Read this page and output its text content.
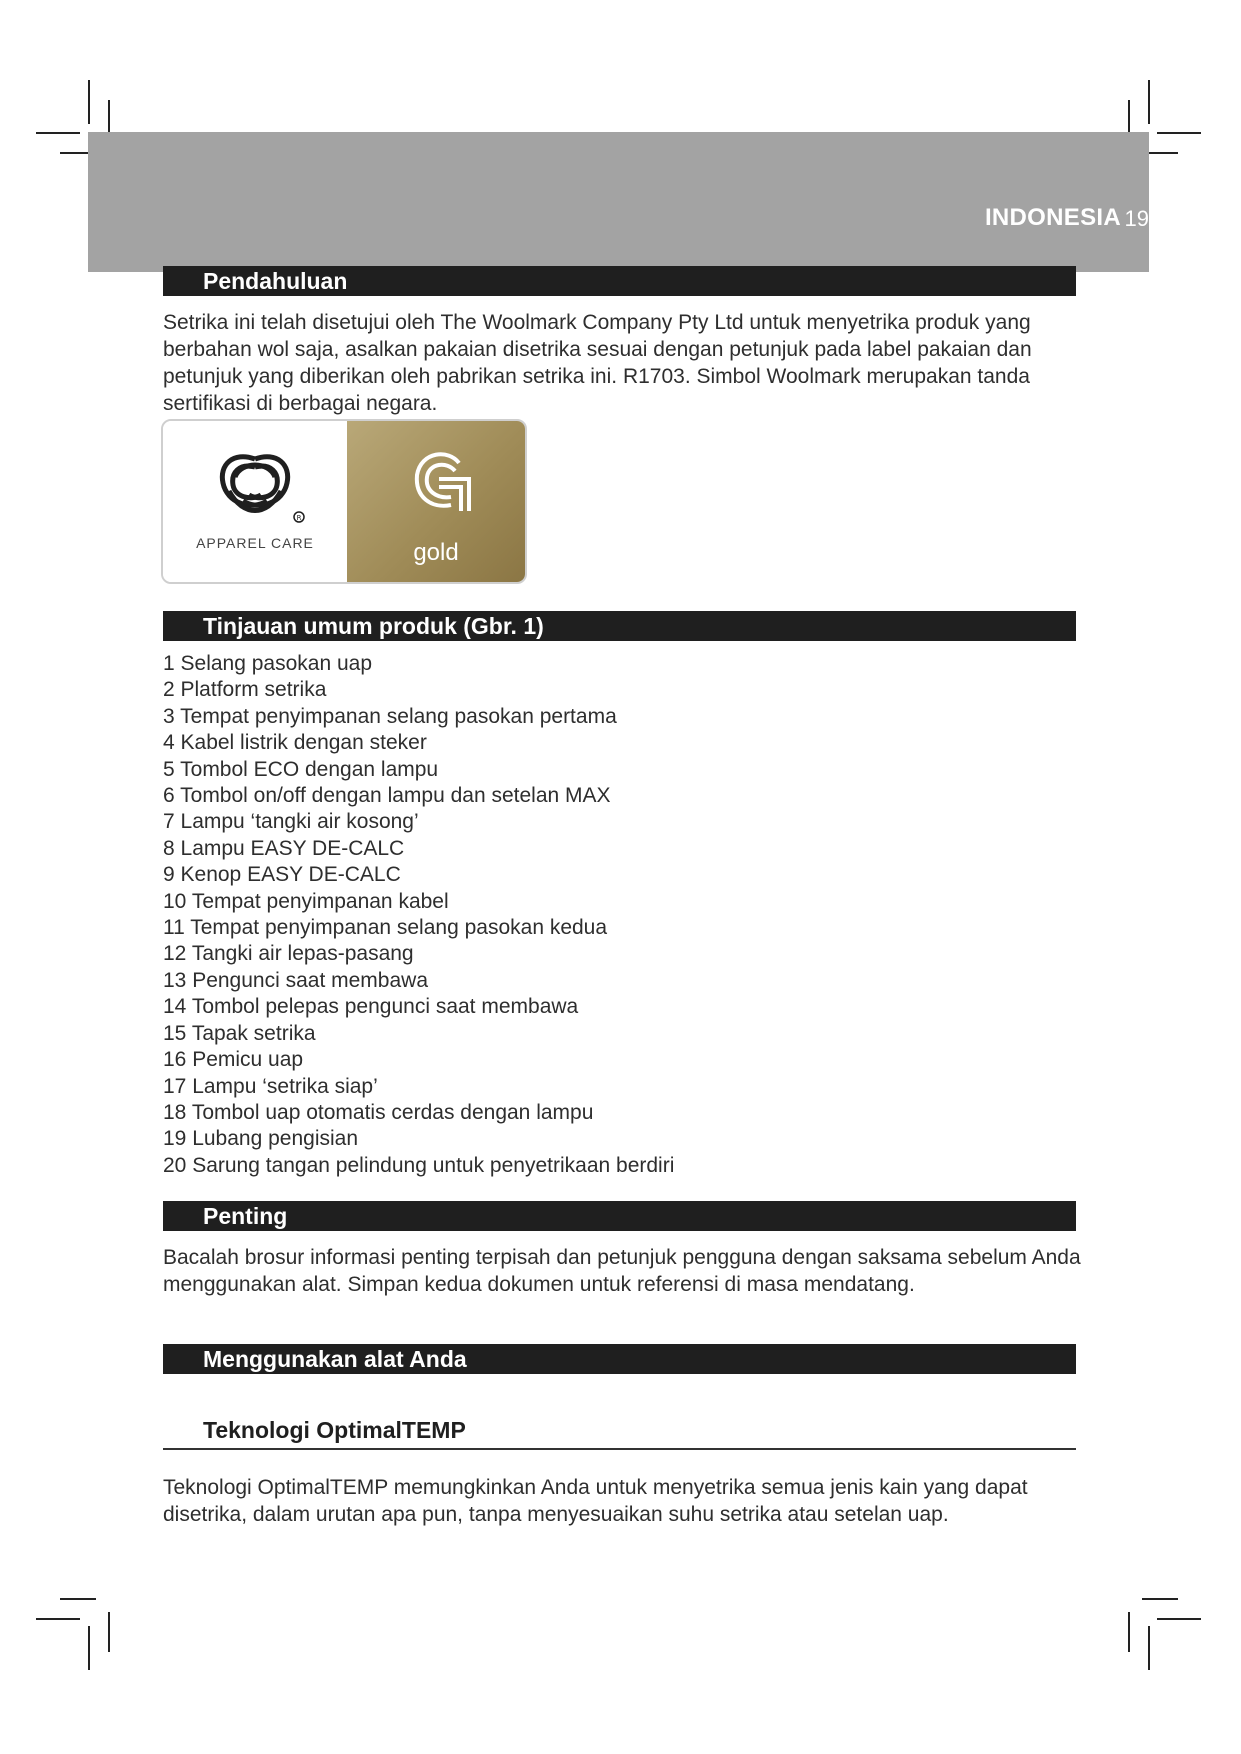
INDONESIA 19
Pendahuluan
Setrika ini telah disetujui oleh The Woolmark Company Pty Ltd untuk menyetrika produk yang berbahan wol saja, asalkan pakaian disetrika sesuai dengan petunjuk pada label pakaian dan petunjuk yang diberikan oleh pabrikan setrika ini. R1703. Simbol Woolmark merupakan tanda sertifikasi di berbagai negara.
R
APPAREL CARE	gold
Tinjauan umum produk (Gbr. 1)
1 Selang pasokan uap
2 Platform setrika
3 Tempat penyimpanan selang pasokan pertama
4 Kabel listrik dengan steker
5 Tombol ECO dengan lampu
6 Tombol on/off dengan lampu dan setelan MAX
7 Lampu ‘tangki air kosong’
8 Lampu EASY DE-CALC
9 Kenop EASY DE-CALC
10 Tempat penyimpanan kabel
11 Tempat penyimpanan selang pasokan kedua
12 Tangki air lepas-pasang
13 Pengunci saat membawa
14 Tombol pelepas pengunci saat membawa
15 Tapak setrika
16 Pemicu uap
17 Lampu ‘setrika siap’
18 Tombol uap otomatis cerdas dengan lampu
19 Lubang pengisian
20 Sarung tangan pelindung untuk penyetrikaan berdiri
Penting
Bacalah brosur informasi penting terpisah dan petunjuk pengguna dengan saksama sebelum Anda menggunakan alat. Simpan kedua dokumen untuk referensi di masa mendatang.
Menggunakan alat Anda
Teknologi OptimalTEMP
Teknologi OptimalTEMP memungkinkan Anda untuk menyetrika semua jenis kain yang dapat disetrika, dalam urutan apa pun, tanpa menyesuaikan suhu setrika atau setelan uap.
